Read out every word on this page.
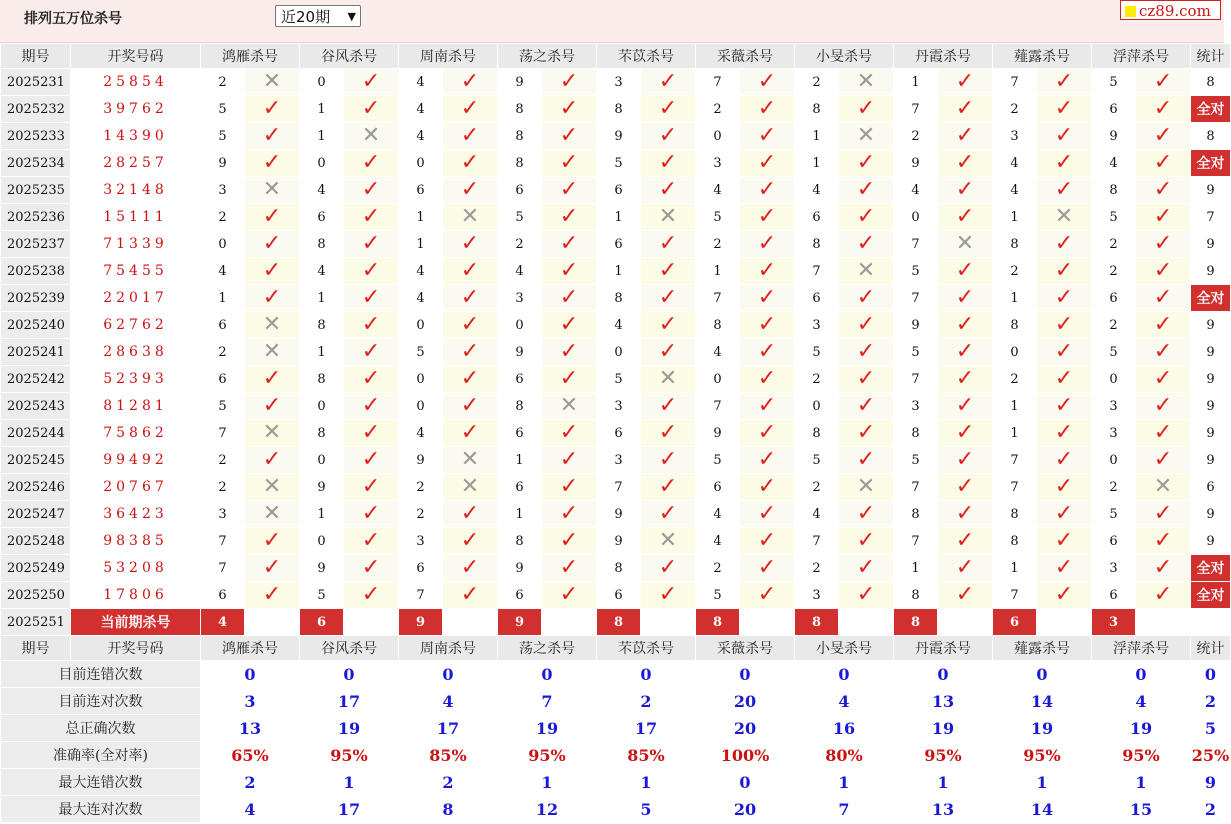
排列五万位杀号	近20期 ▼	cz89.com
期号	开奖号码	鸿雁杀号		谷风杀号		周南杀号		荡之杀号		芣苡杀号		采薇杀号		小旻杀号		丹霞杀号		薤露杀号		浮萍杀号		统计
2025231	25854	2	✕	0	✓	4	✓	9	✓	3	✓	7	✓	2	✕	1	✓	7	✓	5	✓	8
2025232	39762	5	✓	1	✓	4	✓	8	✓	8	✓	2	✓	8	✓	7	✓	2	✓	6	✓	全对
2025233	14390	5	✓	1	✕	4	✓	8	✓	9	✓	0	✓	1	✕	2	✓	3	✓	9	✓	8
2025234	28257	9	✓	0	✓	0	✓	8	✓	5	✓	3	✓	1	✓	9	✓	4	✓	4	✓	全对
2025235	32148	3	✕	4	✓	6	✓	6	✓	6	✓	4	✓	4	✓	4	✓	4	✓	8	✓	9
2025236	15111	2	✓	6	✓	1	✕	5	✓	1	✕	5	✓	6	✓	0	✓	1	✕	5	✓	7
2025237	71339	0	✓	8	✓	1	✓	2	✓	6	✓	2	✓	8	✓	7	✕	8	✓	2	✓	9
2025238	75455	4	✓	4	✓	4	✓	4	✓	1	✓	1	✓	7	✕	5	✓	2	✓	2	✓	9
2025239	22017	1	✓	1	✓	4	✓	3	✓	8	✓	7	✓	6	✓	7	✓	1	✓	6	✓	全对
2025240	62762	6	✕	8	✓	0	✓	0	✓	4	✓	8	✓	3	✓	9	✓	8	✓	2	✓	9
2025241	28638	2	✕	1	✓	5	✓	9	✓	0	✓	4	✓	5	✓	5	✓	0	✓	5	✓	9
2025242	52393	6	✓	8	✓	0	✓	6	✓	5	✕	0	✓	2	✓	7	✓	2	✓	0	✓	9
2025243	81281	5	✓	0	✓	0	✓	8	✕	3	✓	7	✓	0	✓	3	✓	1	✓	3	✓	9
2025244	75862	7	✕	8	✓	4	✓	6	✓	6	✓	9	✓	8	✓	8	✓	1	✓	3	✓	9
2025245	99492	2	✓	0	✓	9	✕	1	✓	3	✓	5	✓	5	✓	5	✓	7	✓	0	✓	9
2025246	20767	2	✕	9	✓	2	✕	6	✓	7	✓	6	✓	2	✕	7	✓	7	✓	2	✕	6
2025247	36423	3	✕	1	✓	2	✓	1	✓	9	✓	4	✓	4	✓	8	✓	8	✓	5	✓	9
2025248	98385	7	✓	0	✓	3	✓	8	✓	9	✕	4	✓	7	✓	7	✓	8	✓	6	✓	9
2025249	53208	7	✓	9	✓	6	✓	9	✓	8	✓	2	✓	2	✓	1	✓	1	✓	3	✓	全对
2025250	17806	6	✓	5	✓	7	✓	6	✓	6	✓	5	✓	3	✓	8	✓	7	✓	6	✓	全对
2025251	当前期杀号	4		6		9		9		8		8		8		8		6		3		
期号	开奖号码	鸿雁杀号		谷风杀号		周南杀号		荡之杀号		芣苡杀号		采薇杀号		小旻杀号		丹霞杀号		薤露杀号		浮萍杀号		统计
目前连错次数		0		0		0		0		0		0		0		0		0		0		0
目前连对次数		3		17		4		7		2		20		4		13		14		4		2
总正确次数		13		19		17		19		17		20		16		19		19		19		5
准确率(全对率)		65%		95%		85%		95%		85%		100%		80%		95%		95%		95%		25%
最大连错次数		2		1		2		1		1		0		1		1		1		1		9
最大连对次数		4		17		8		12		5		20		7		13		14		15		2
